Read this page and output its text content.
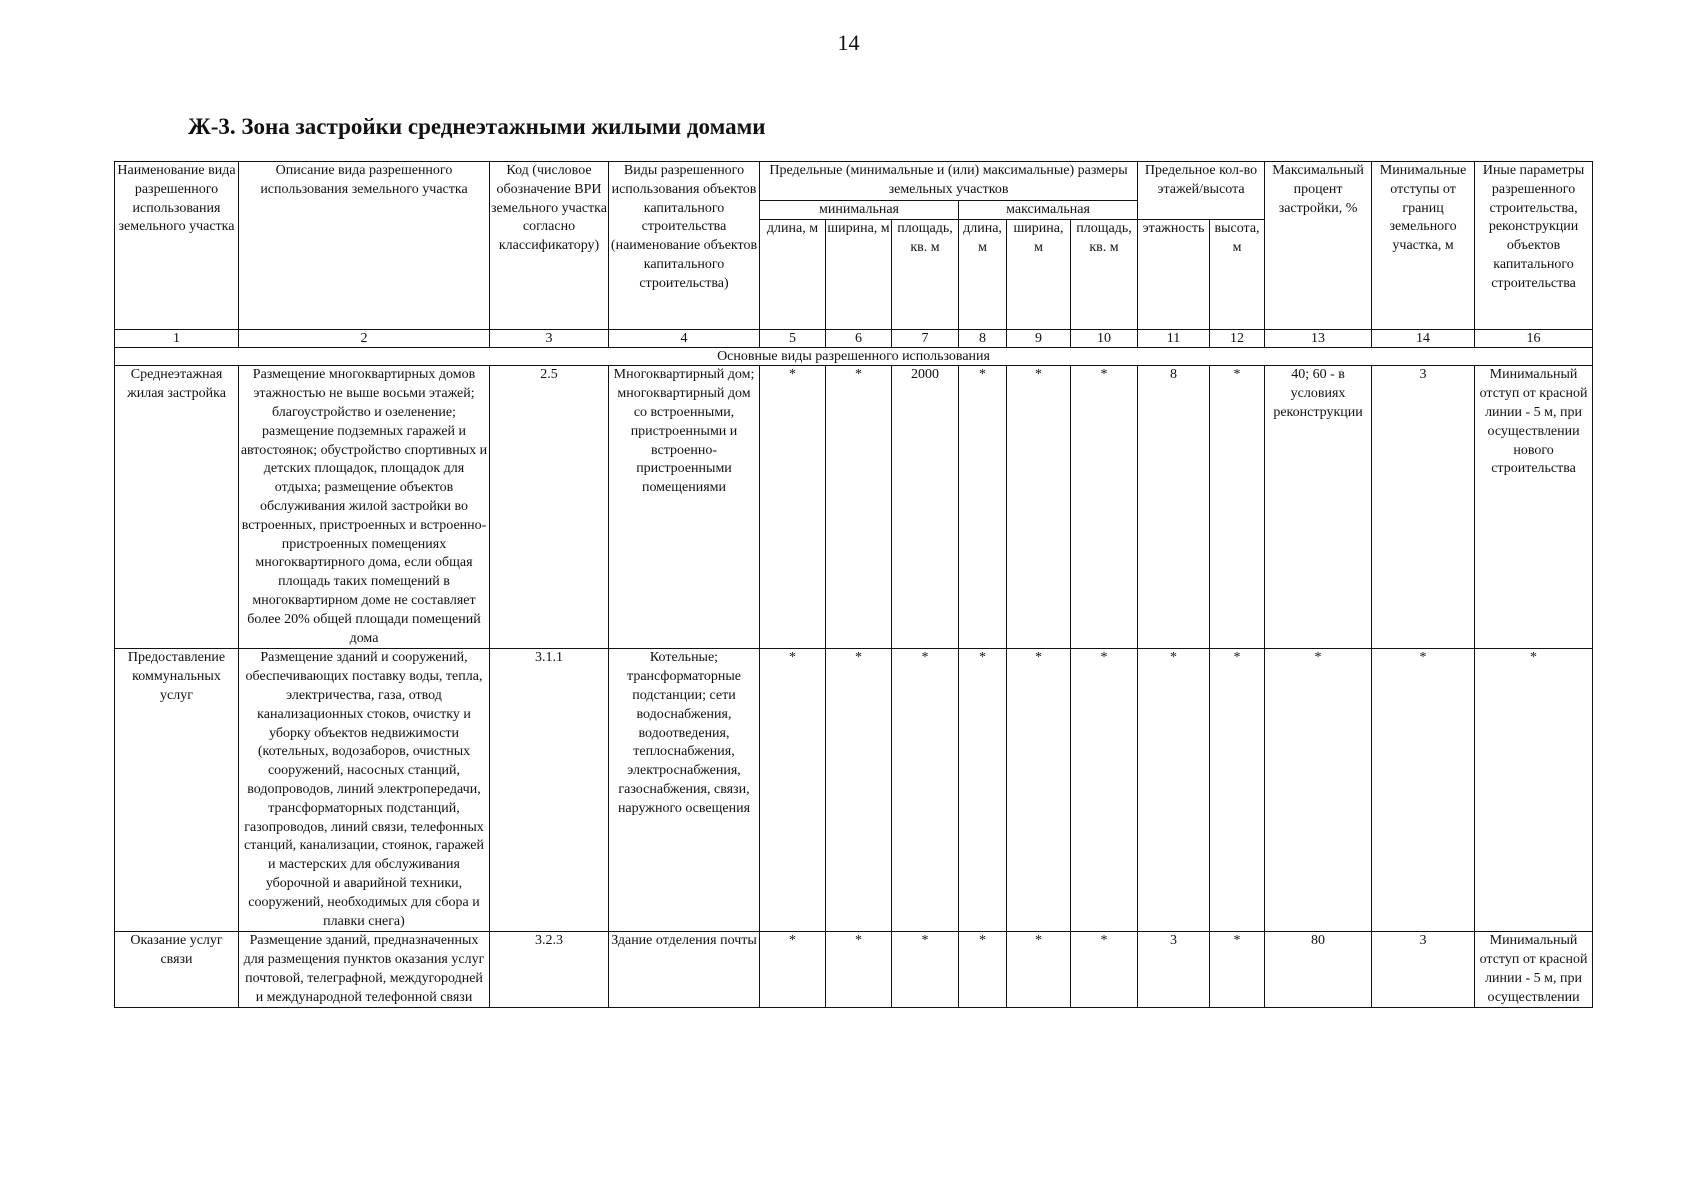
14
Ж-3. Зона застройки среднеэтажными жилыми домами
Наименование вида разрешенного использования земельного участка	Описание вида разрешенного использования земельного участка	Код (числовое обозначение ВРИ земельного участка согласно классификатору)	Виды разрешенного использования объектов капитального строительства (наименование объектов капитального строительства)	Предельные (минимальные и (или) максимальные) размеры земельных участков						Предельное кол-во этажей/высота		Максимальный процент застройки, %	Минимальные отступы от границ земельного участка, м	Иные параметры разрешенного строительства, реконструкции объектов капитального строительства
				минимальная			максимальная							
				длина, м	ширина, м	площадь, кв. м	длина, м	ширина, м	площадь, кв. м	этажность	высота, м			
1	2	3	4	5	6	7	8	9	10	11	12	13	14	16
Основные виды разрешенного использования														
Среднеэтажная жилая застройка	Размещение многоквартирных домов этажностью не выше восьми этажей; благоустройство и озеленение; размещение подземных гаражей и автостоянок; обустройство спортивных и детских площадок, площадок для отдыха; размещение объектов обслуживания жилой застройки во встроенных, пристроенных и встроенно-пристроенных помещениях многоквартирного дома, если общая площадь таких помещений в многоквартирном доме не составляет более 20% общей площади помещений дома	2.5	Многоквартирный дом; многоквартирный дом со встроенными, пристроенными и встроенно-пристроенными помещениями	*	*	2000	*	*	*	8	*	40; 60 - в условиях реконструкции	3	Минимальный отступ от красной линии - 5 м, при осуществлении нового строительства
Предоставление коммунальных услуг	Размещение зданий и сооружений, обеспечивающих поставку воды, тепла, электричества, газа, отвод канализационных стоков, очистку и уборку объектов недвижимости (котельных, водозаборов, очистных сооружений, насосных станций, водопроводов, линий электропередачи, трансформаторных подстанций, газопроводов, линий связи, телефонных станций, канализации, стоянок, гаражей и мастерских для обслуживания уборочной и аварийной техники, сооружений, необходимых для сбора и плавки снега)	3.1.1	Котельные; трансформаторные подстанции; сети водоснабжения, водоотведения, теплоснабжения, электроснабжения, газоснабжения, связи, наружного освещения	*	*	*	*	*	*	*	*	*	*	*
Оказание услуг связи	Размещение зданий, предназначенных для размещения пунктов оказания услуг почтовой, телеграфной, междугородней и международной телефонной связи	3.2.3	Здание отделения почты	*	*	*	*	*	*	3	*	80	3	Минимальный отступ от красной линии - 5 м, при осуществлении
